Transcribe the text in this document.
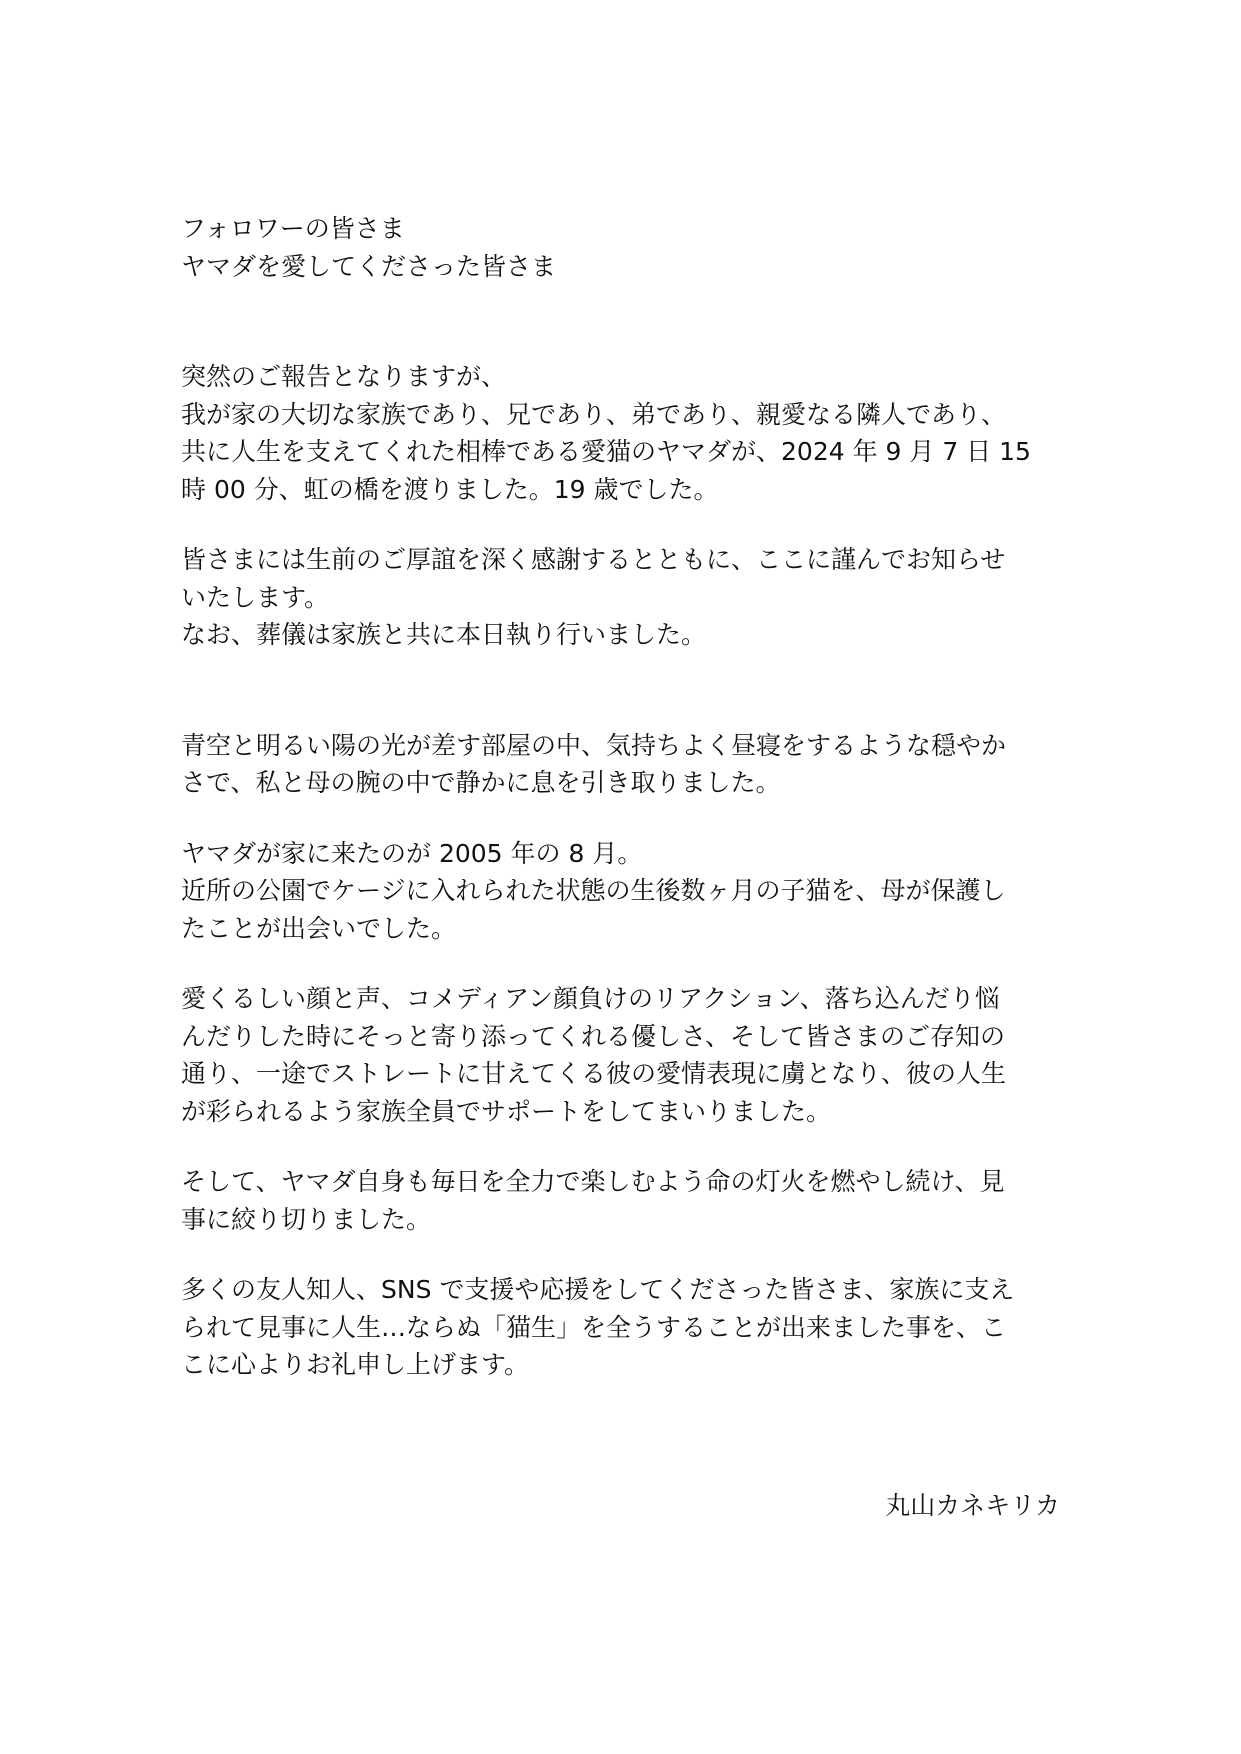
フォロワーの皆さま
ヤマダを愛してくださった皆さま
突然のご報告となりますが、
我が家の大切な家族であり、兄であり、弟であり、親愛なる隣人であり、
共に人生を支えてくれた相棒である愛猫のヤマダが、2024 年 9 月 7 日 15
時 00 分、虹の橋を渡りました。19 歳でした。
皆さまには生前のご厚誼を深く感謝するとともに、ここに謹んでお知らせ
いたします。
なお、葬儀は家族と共に本日執り行いました。
青空と明るい陽の光が差す部屋の中、気持ちよく昼寝をするような穏やか
さで、私と母の腕の中で静かに息を引き取りました。
ヤマダが家に来たのが 2005 年の 8 月。
近所の公園でケージに入れられた状態の生後数ヶ月の子猫を、母が保護し
たことが出会いでした。
愛くるしい顔と声、コメディアン顔負けのリアクション、落ち込んだり悩
んだりした時にそっと寄り添ってくれる優しさ、そして皆さまのご存知の
通り、一途でストレートに甘えてくる彼の愛情表現に虜となり、彼の人生
が彩られるよう家族全員でサポートをしてまいりました。
そして、ヤマダ自身も毎日を全力で楽しむよう命の灯火を燃やし続け、見
事に絞り切りました。
多くの友人知人、SNS で支援や応援をしてくださった皆さま、家族に支え
られて見事に人生…ならぬ「猫生」を全うすることが出来ました事を、こ
こに心よりお礼申し上げます。
丸山カネキリカ
